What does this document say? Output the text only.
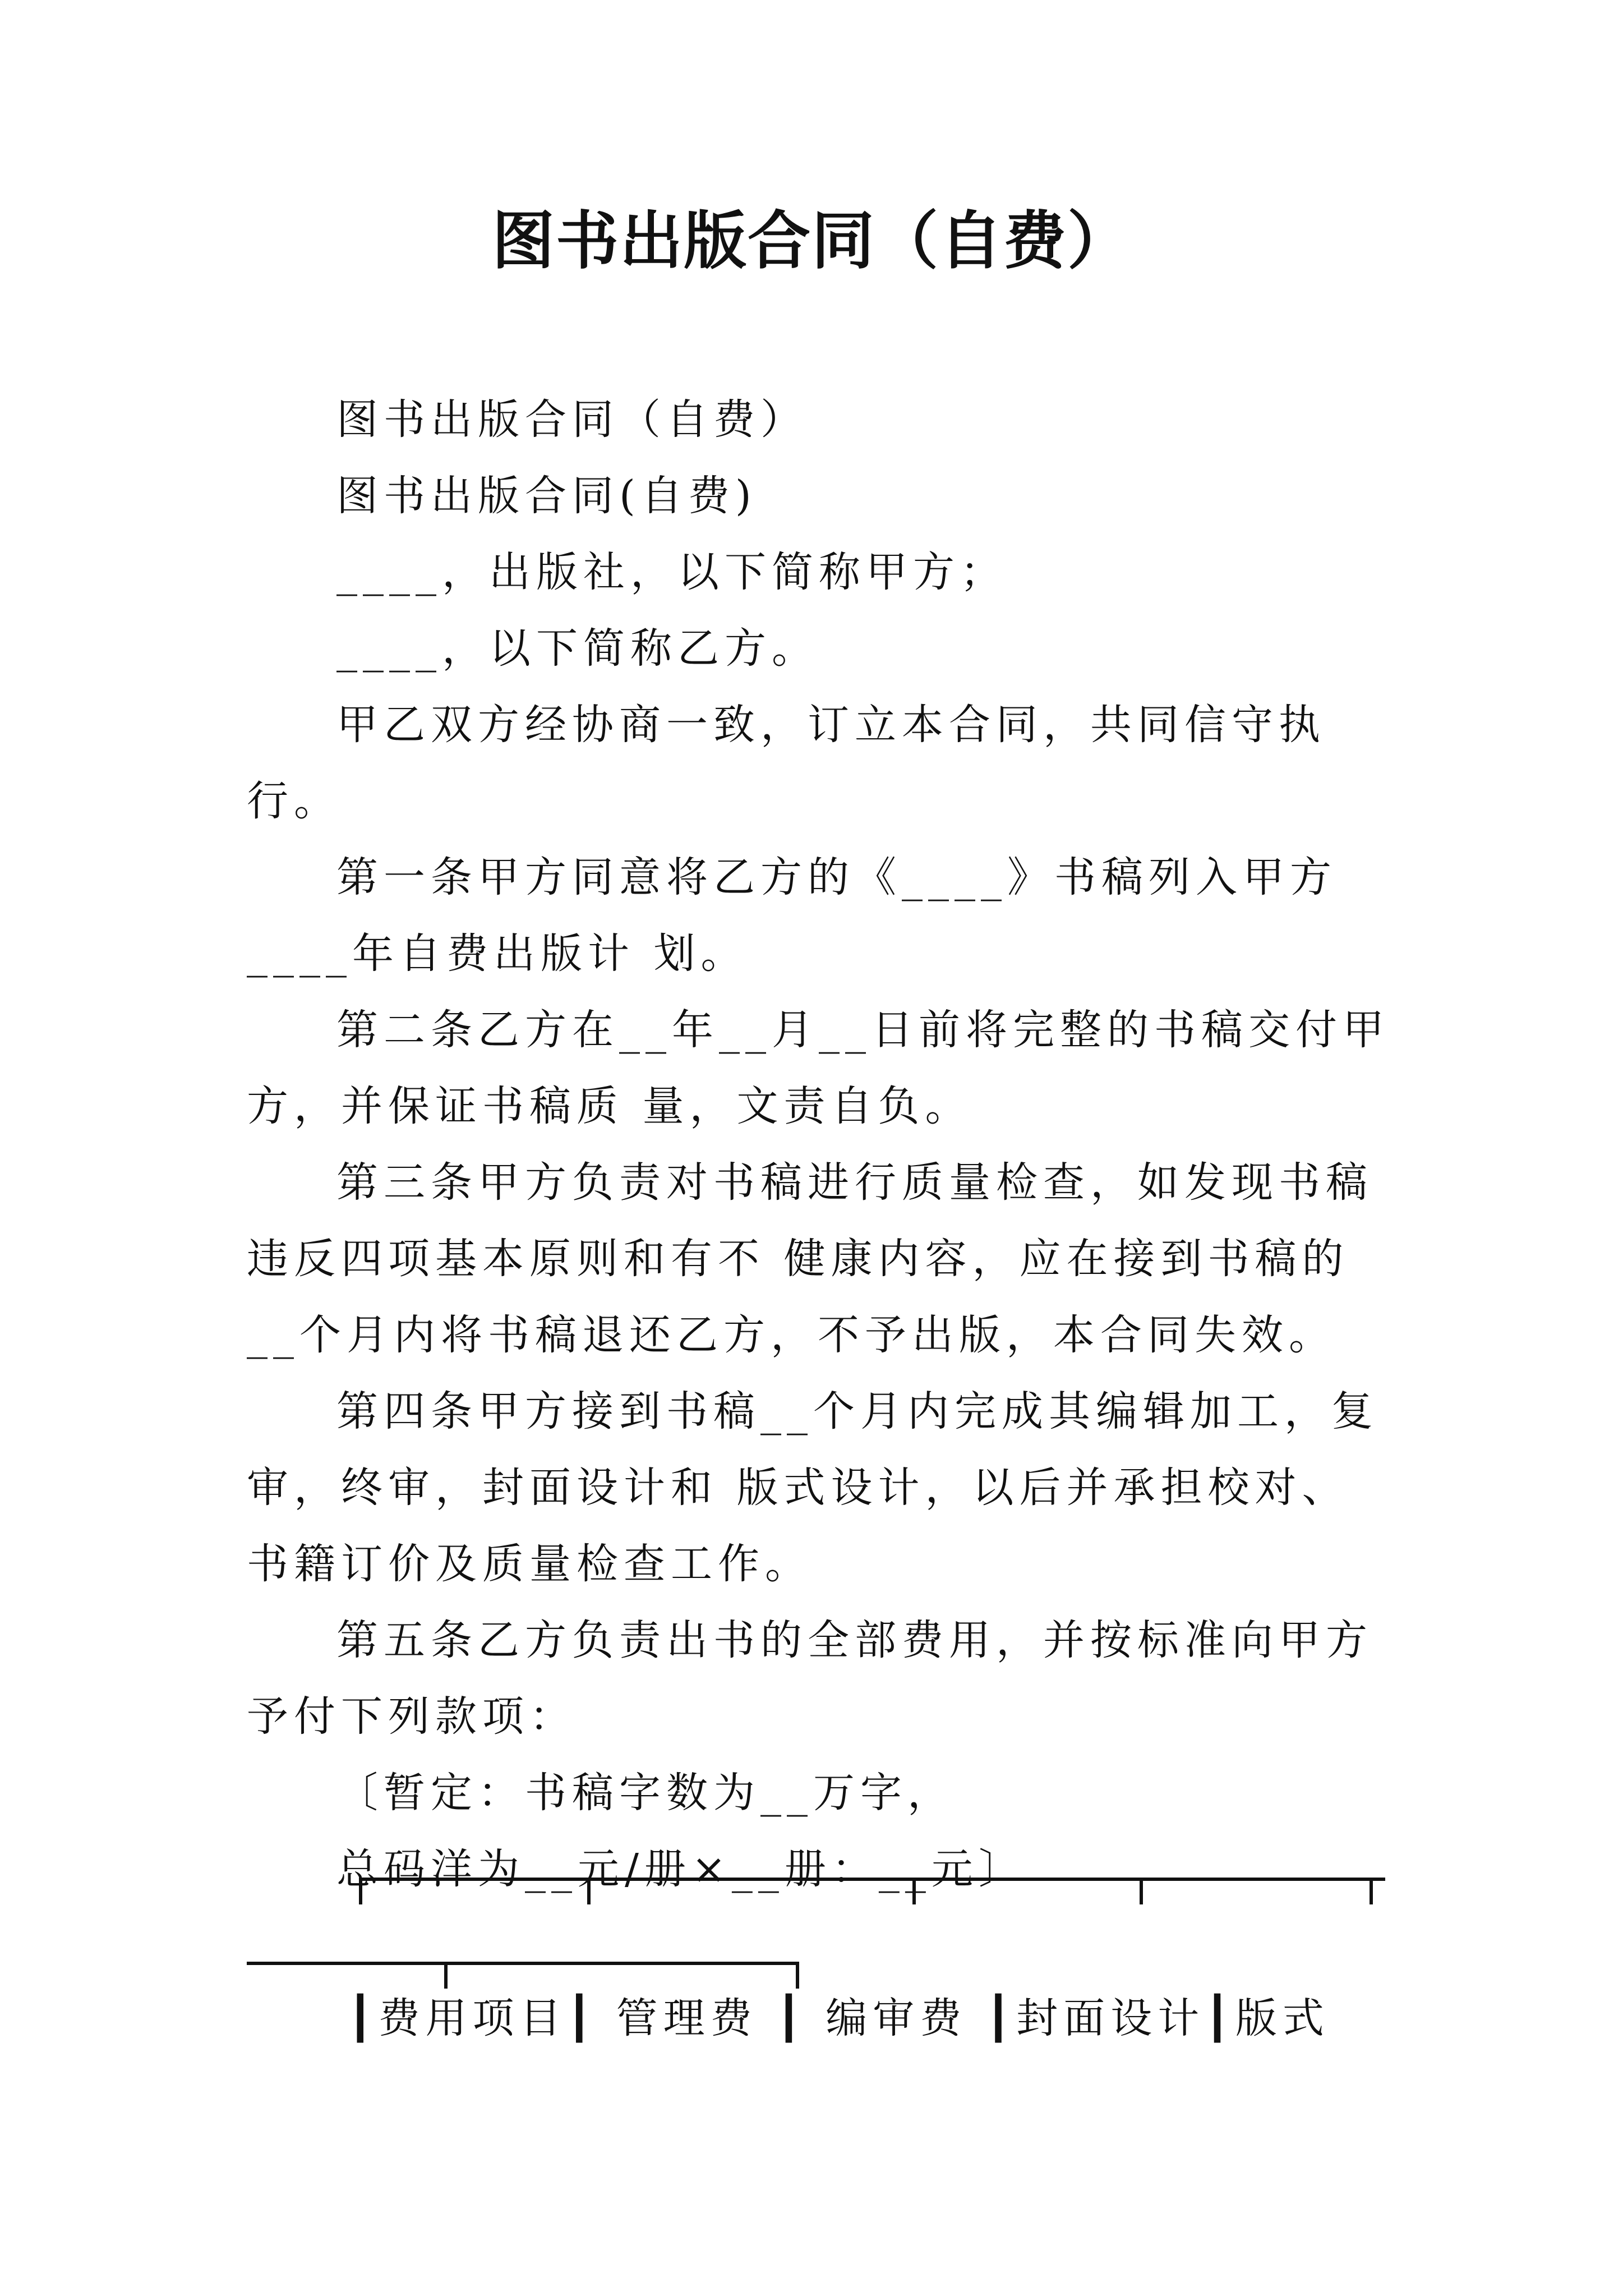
图书出版合同（自费）

图书出版合同（自费）

图书出版合同(自费)

____，出版社，以下简称甲方；

____，以下简称乙方。

甲乙双方经协商一致，订立本合同，共同信守执行。

第一条甲方同意将乙方的《____》书稿列入甲方____年自费出版计 划。

第二条乙方在__年__月__日前将完整的书稿交付甲方，并保证书稿质 量，文责自负。

第三条甲方负责对书稿进行质量检查，如发现书稿违反四项基本原则和有不 健康内容，应在接到书稿的__个月内将书稿退还乙方，不予出版，本合同失效。

第四条甲方接到书稿__个月内完成其编辑加工，复审，终审，封面设计和 版式设计，以后并承担校对、书籍订价及质量检查工作。

第五条乙方负责出书的全部费用，并按标准向甲方予付下列款项：

〔暂定：书稿字数为__万字，

总码洋为__元/册×__册：__元〕

┃费用项目┃ 管理费 ┃ 编审费 ┃封面设计┃版式
